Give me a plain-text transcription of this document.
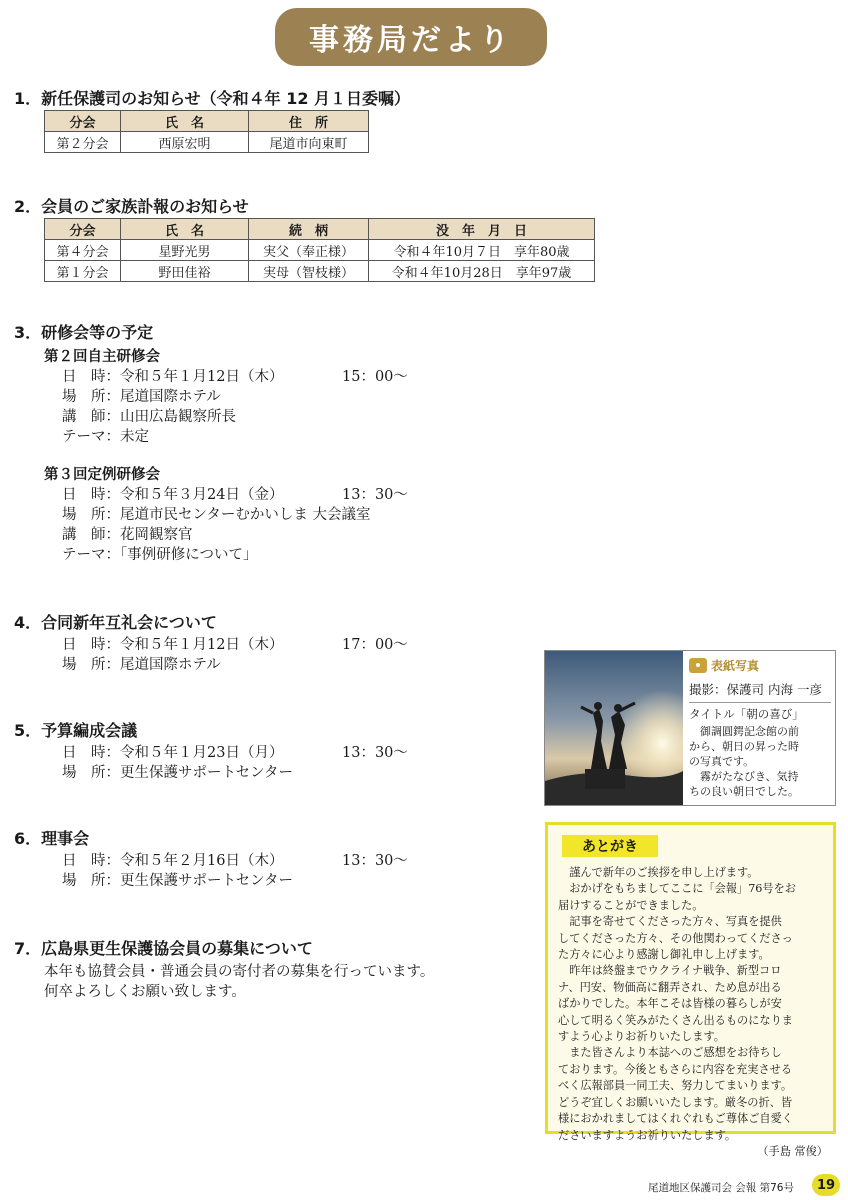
事務局だより
1．新任保護司のお知らせ（令和４年 12 月１日委嘱）
分会	氏　名	住　所
第２分会	西原宏明	尾道市向東町
2．会員のご家族訃報のお知らせ
分会	氏　名	続　柄	没　年　月　日
第４分会	星野光男	実父（奉正様）	令和４年10月７日　享年80歳
第１分会	野田佳裕	実母（智枝様）	令和４年10月28日　享年97歳
3．研修会等の予定
第２回自主研修会
日　時：令和５年１月12日（木）	15：00〜
場　所：尾道国際ホテル
講　師：山田広島観察所長
テーマ：未定
第３回定例研修会
日　時：令和５年３月24日（金）	13：30〜
場　所：尾道市民センターむかいしま 大会議室
講　師：花岡観察官
テーマ：「事例研修について」
4．合同新年互礼会について
日　時：令和５年１月12日（木）	17：00〜
場　所：尾道国際ホテル
5．予算編成会議
日　時：令和５年１月23日（月）	13：30〜
場　所：更生保護サポートセンター
6．理事会
日　時：令和５年２月16日（木）	13：30〜
場　所：更生保護サポートセンター
7．広島県更生保護協会員の募集について
本年も協賛会員・普通会員の寄付者の募集を行っています。
何卒よろしくお願い致します。
表紙写真
撮影：保護司 内海 一彦
タイトル「朝の喜び」
　御調圓鍔記念館の前
から、朝日の昇った時
の写真です。
　霧がたなびき、気持
ちの良い朝日でした。
あとがき

　謹んで新年のご挨拶を申し上げます。

　おかげをもちましてここに「会報」76号をお

届けすることができました。

　記事を寄せてくださった方々、写真を提供

してくださった方々、その他関わってくださっ

た方々に心より感謝し御礼申し上げます。

　昨年は終盤までウクライナ戦争、新型コロ

ナ、円安、物価高に翻弄され、ため息が出る

ばかりでした。本年こそは皆様の暮らしが安

心して明るく笑みがたくさん出るものになりま

すよう心よりお祈りいたします。

　また皆さんより本誌へのご感想をお待ちし

ております。今後ともさらに内容を充実させる

べく広報部員一同工夫、努力してまいります。

どうぞ宜しくお願いいたします。厳冬の折、皆

様におかれましてはくれぐれもご尊体ご自愛く

ださいますようお祈りいたします。

（手島 常俊）

尾道地区保護司会 会報 第76号	19
